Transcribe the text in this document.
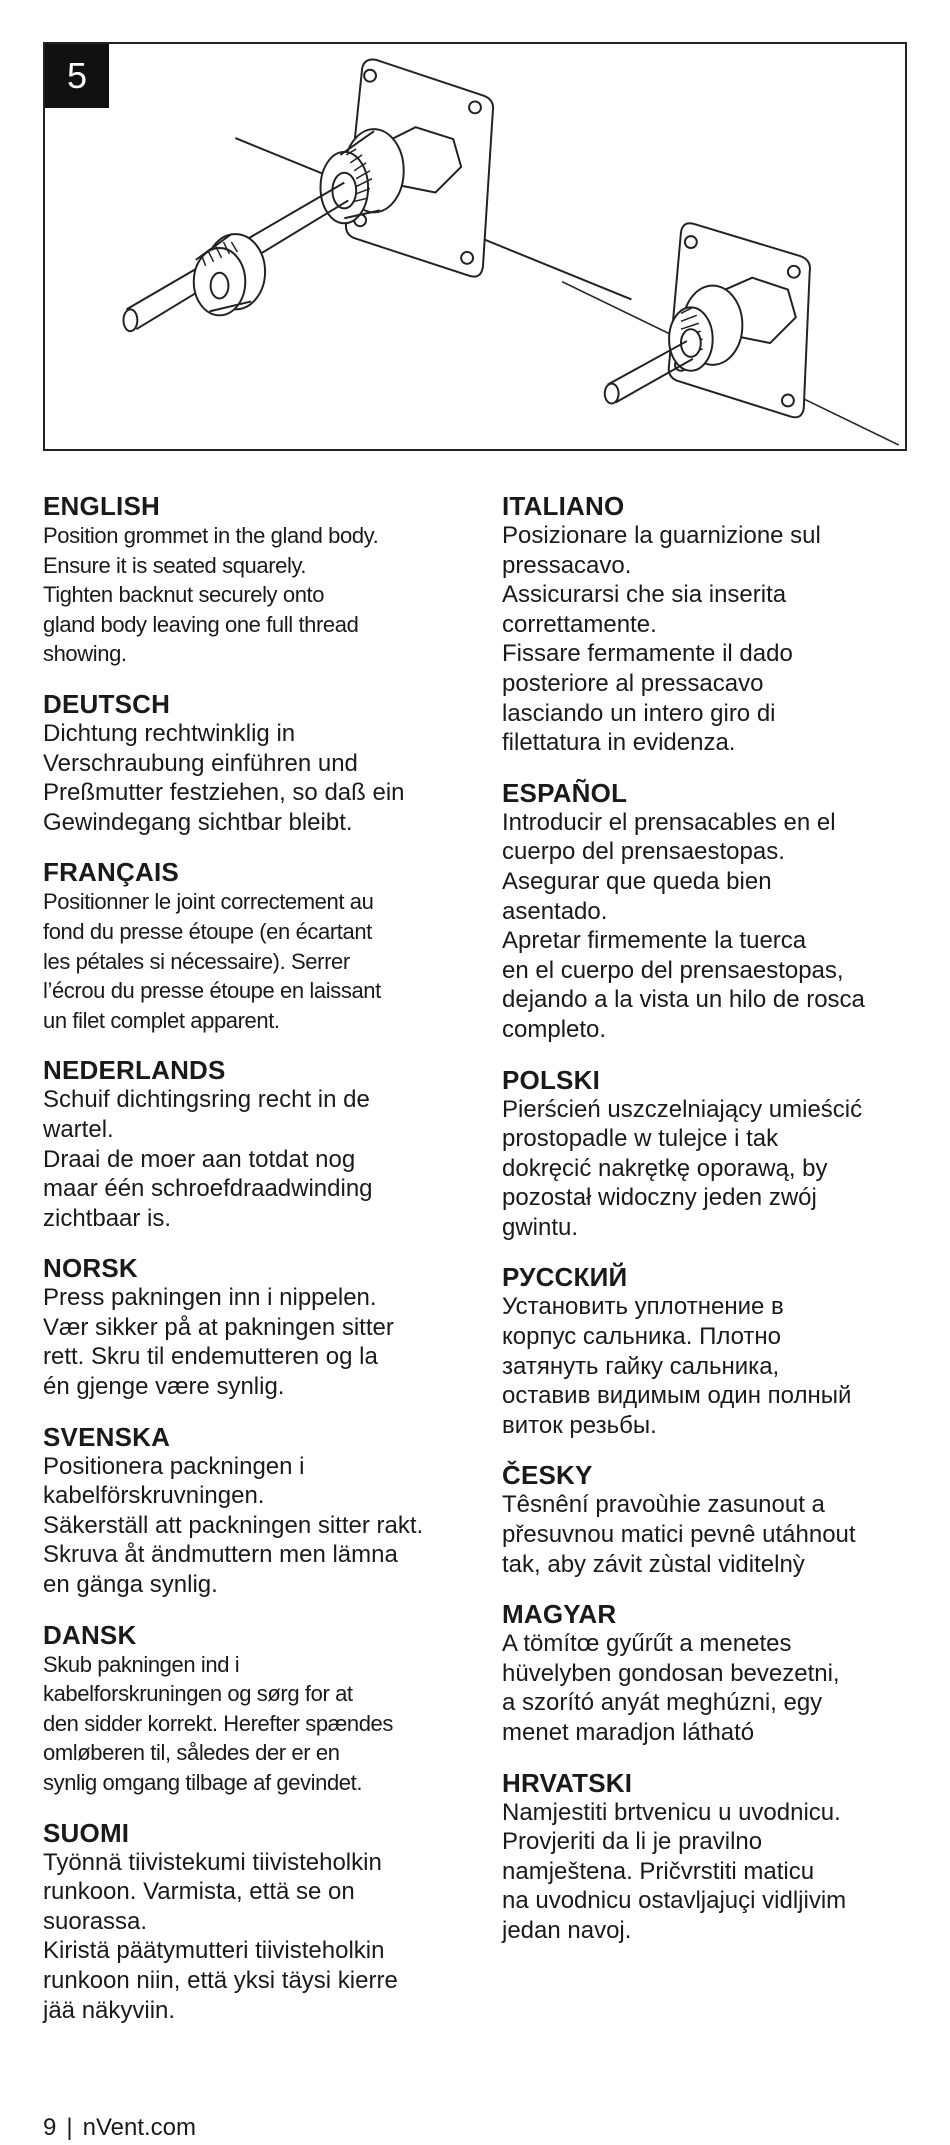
5

ENGLISH

Position grommet in the gland body.
Ensure it is seated squarely.
Tighten backnut securely onto
gland body leaving one full thread
showing.

DEUTSCH

Dichtung rechtwinklig in
Verschraubung einführen und
Preßmutter festziehen, so daß ein
Gewindegang sichtbar bleibt.

FRANÇAIS

Positionner le joint correctement au
fond du presse étoupe (en écartant
les pétales si nécessaire). Serrer
l’écrou du presse étoupe en laissant
un filet complet apparent.

NEDERLANDS

Schuif dichtingsring recht in de
wartel.
Draai de moer aan totdat nog
maar één schroefdraadwinding
zichtbaar is.

NORSK

Press pakningen inn i nippelen.
Vær sikker på at pakningen sitter
rett. Skru til endemutteren og la
én gjenge være synlig.

SVENSKA

Positionera packningen i
kabelförskruvningen.
Säkerställ att packningen sitter rakt.
Skruva åt ändmuttern men lämna
en gänga synlig.

DANSK

Skub pakningen ind i
kabelforskruningen og sørg for at
den sidder korrekt. Herefter spændes
omløberen til, således der er en
synlig omgang tilbage af gevindet.

SUOMI

Työnnä tiivistekumi tiivisteholkin
runkoon. Varmista, että se on
suorassa.
Kiristä päätymutteri tiivisteholkin
runkoon niin, että yksi täysi kierre
jää näkyviin.

ITALIANO

Posizionare la guarnizione sul
pressacavo.
Assicurarsi che sia inserita
correttamente.
Fissare fermamente il dado
posteriore al pressacavo
lasciando un intero giro di
filettatura in evidenza.

ESPAÑOL

Introducir el prensacables en el
cuerpo del prensaestopas.
Asegurar que queda bien
asentado.
Apretar firmemente la tuerca
en el cuerpo del prensaestopas,
dejando a la vista un hilo de rosca
completo.

POLSKI

Pierścień uszczelniający umieścić
prostopadle w tulejce i tak
dokręcić nakrętkę oporawą, by
pozostał widoczny jeden zwój
gwintu.

РУССКИЙ

Установить уплотнение в
корпус сальника. Плотно
затянуть гайку сальника,
оставив видимым один полный
виток резьбы.

ČESKY

Têsnêní pravoùhie zasunout a
přesuvnou matici pevnê utáhnout
tak, aby závit zùstal viditelnỳ

MAGYAR

A tömítœ gyűrűt a menetes
hüvelyben gondosan bevezetni,
a szorító anyát meghúzni, egy
menet maradjon látható

HRVATSKI

Namjestiti brtvenicu u uvodnicu.
Provjeriti da li je pravilno
namještena. Pričvrstiti maticu
na uvodnicu ostavljajuçi vidljivim
jedan navoj.

9 | nVent.com
